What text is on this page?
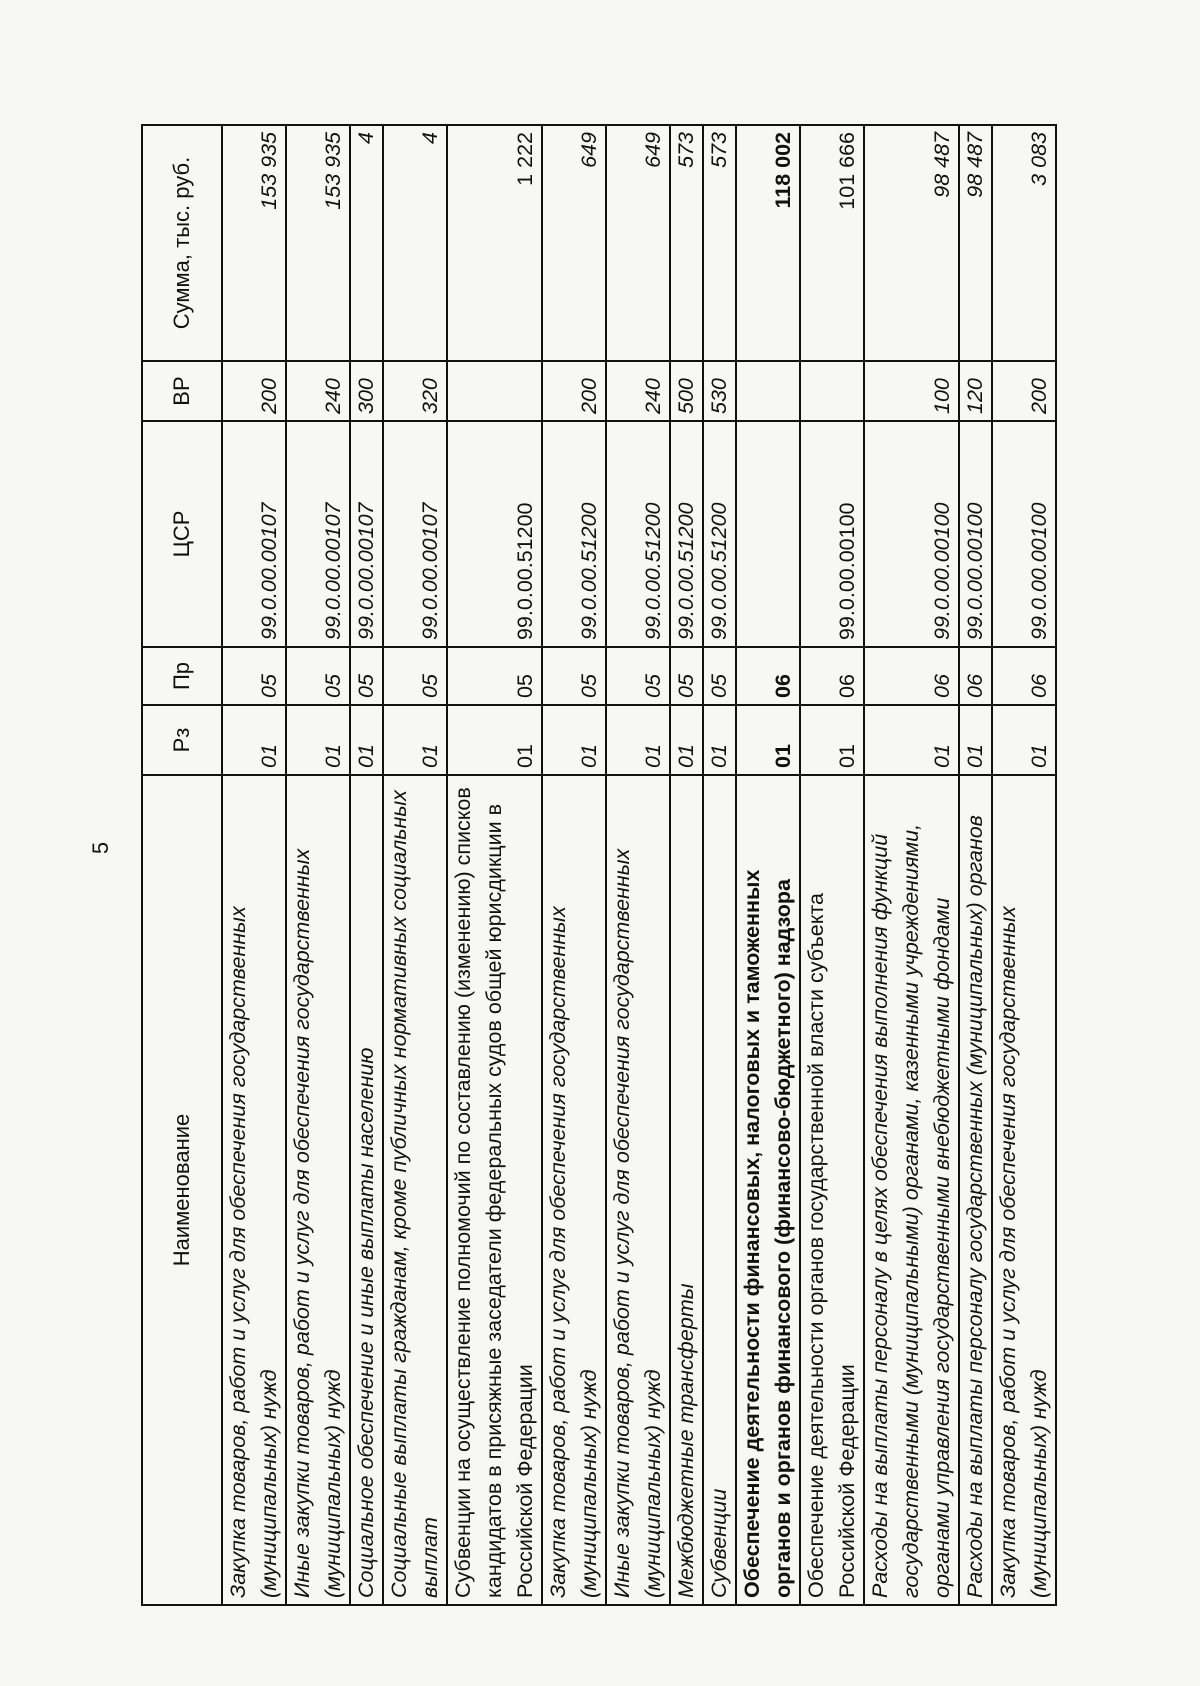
5
Наименование	Рз	Пр	ЦСР	ВР	Сумма, тыс. руб.
Закупка товаров, работ и услуг для обеспечения государственных (муниципальных) нужд	01	05	99.0.00.00107	200	153 935
Иные закупки товаров, работ и услуг для обеспечения государственных (муниципальных) нужд	01	05	99.0.00.00107	240	153 935
Социальное обеспечение и иные выплаты населению	01	05	99.0.00.00107	300	4
Социальные выплаты гражданам, кроме публичных нормативных социальных выплат	01	05	99.0.00.00107	320	4
Субвенции на осуществление полномочий по составлению (изменению) списков кандидатов в присяжные заседатели федеральных судов общей юрисдикции в Российской Федерации	01	05	99.0.00.51200		1 222
Закупка товаров, работ и услуг для обеспечения государственных (муниципальных) нужд	01	05	99.0.00.51200	200	649
Иные закупки товаров, работ и услуг для обеспечения государственных (муниципальных) нужд	01	05	99.0.00.51200	240	649
Межбюджетные трансферты	01	05	99.0.00.51200	500	573
Субвенции	01	05	99.0.00.51200	530	573
Обеспечение деятельности финансовых, налоговых и таможенных органов и органов финансового (финансово-бюджетного) надзора	01	06			118 002
Обеспечение деятельности органов государственной власти субъекта Российской Федерации	01	06	99.0.00.00100		101 666
Расходы на выплаты персоналу в целях обеспечения выполнения функций государственными (муниципальными) органами, казенными учреждениями, органами управления государственными внебюджетными фондами	01	06	99.0.00.00100	100	98 487
Расходы на выплаты персоналу государственных (муниципальных) органов	01	06	99.0.00.00100	120	98 487
Закупка товаров, работ и услуг для обеспечения государственных (муниципальных) нужд	01	06	99.0.00.00100	200	3 083
